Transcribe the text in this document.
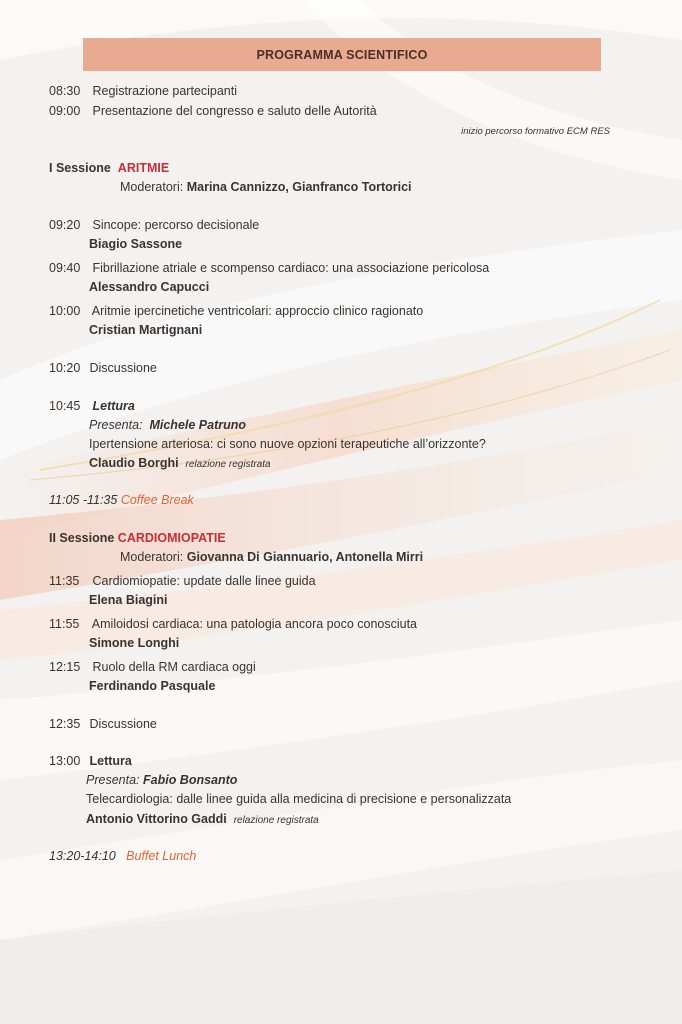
PROGRAMMA SCIENTIFICO
08:30 Registrazione partecipanti
09:00 Presentazione del congresso e saluto delle Autorità
inizio percorso formativo ECM RES
I Sessione ARITMIE
Moderatori: Marina Cannizzo, Gianfranco Tortorici
09:20 Sincope: percorso decisionale
Biagio Sassone
09:40 Fibrillazione atriale e scompenso cardiaco: una associazione pericolosa
Alessandro Capucci
10:00 Aritmie ipercinetiche ventricolari: approccio clinico ragionato
Cristian Martignani
10:20 Discussione
10:45 Lettura
Presenta: Michele Patruno
Ipertensione arteriosa: ci sono nuove opzioni terapeutiche all’orizzonte?
Claudio Borghi relazione registrata
11:05 -11:35 Coffee Break
II Sessione CARDIOMIOPATIE
Moderatori: Giovanna Di Giannuario, Antonella Mirri
11:35 Cardiomiopatie: update dalle linee guida
Elena Biagini
11:55 Amiloidosi cardiaca: una patologia ancora poco conosciuta
Simone Longhi
12:15 Ruolo della RM cardiaca oggi
Ferdinando Pasquale
12:35 Discussione
13:00 Lettura
Presenta: Fabio Bonsanto
Telecardiologia: dalle linee guida alla medicina di precisione e personalizzata
Antonio Vittorino Gaddi relazione registrata
13:20-14:10 Buffet Lunch
